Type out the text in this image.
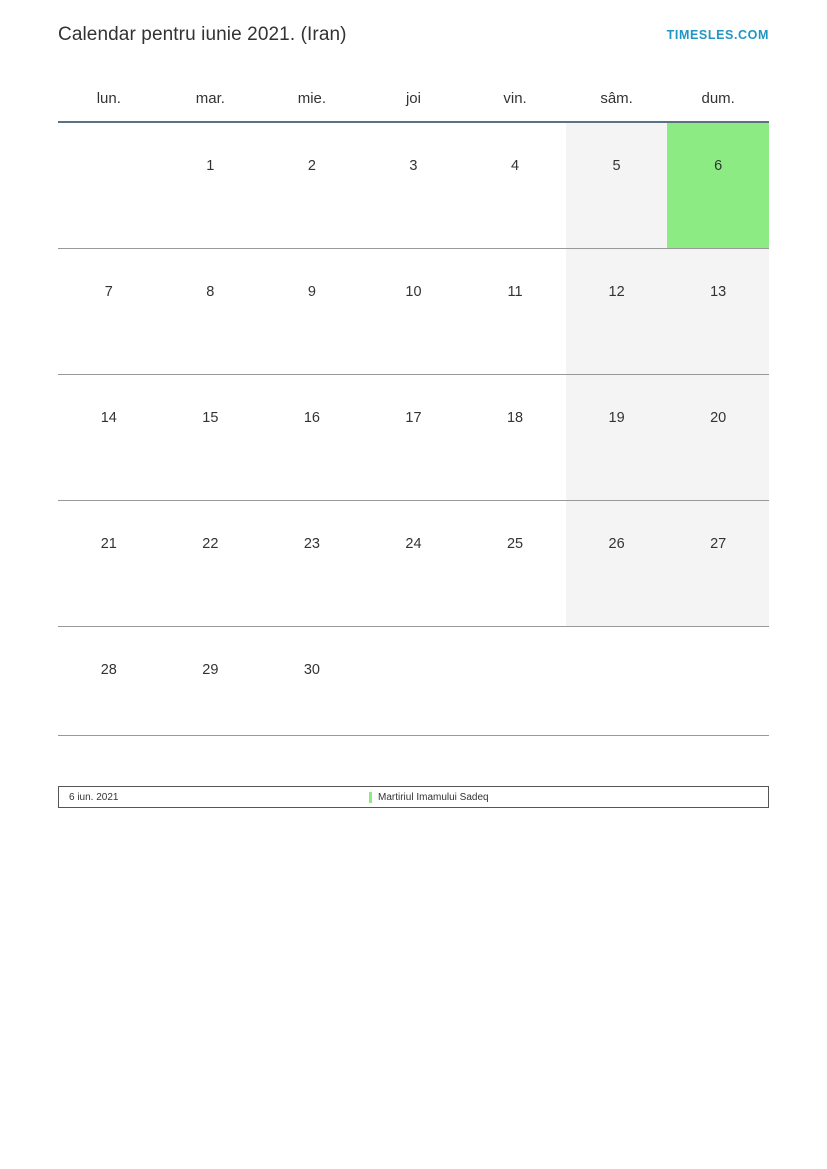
Calendar pentru iunie 2021. (Iran)	TIMESLES.COM
lun.	mar.	mie.	joi	vin.	sâm.	dum.

	1	2	3	4	5	6

7	8	9	10	11	12	13

14	15	16	17	18	19	20

21	22	23	24	25	26	27

28	29	30				

6 iun. 2021	Martiriul Imamului Sadeq
